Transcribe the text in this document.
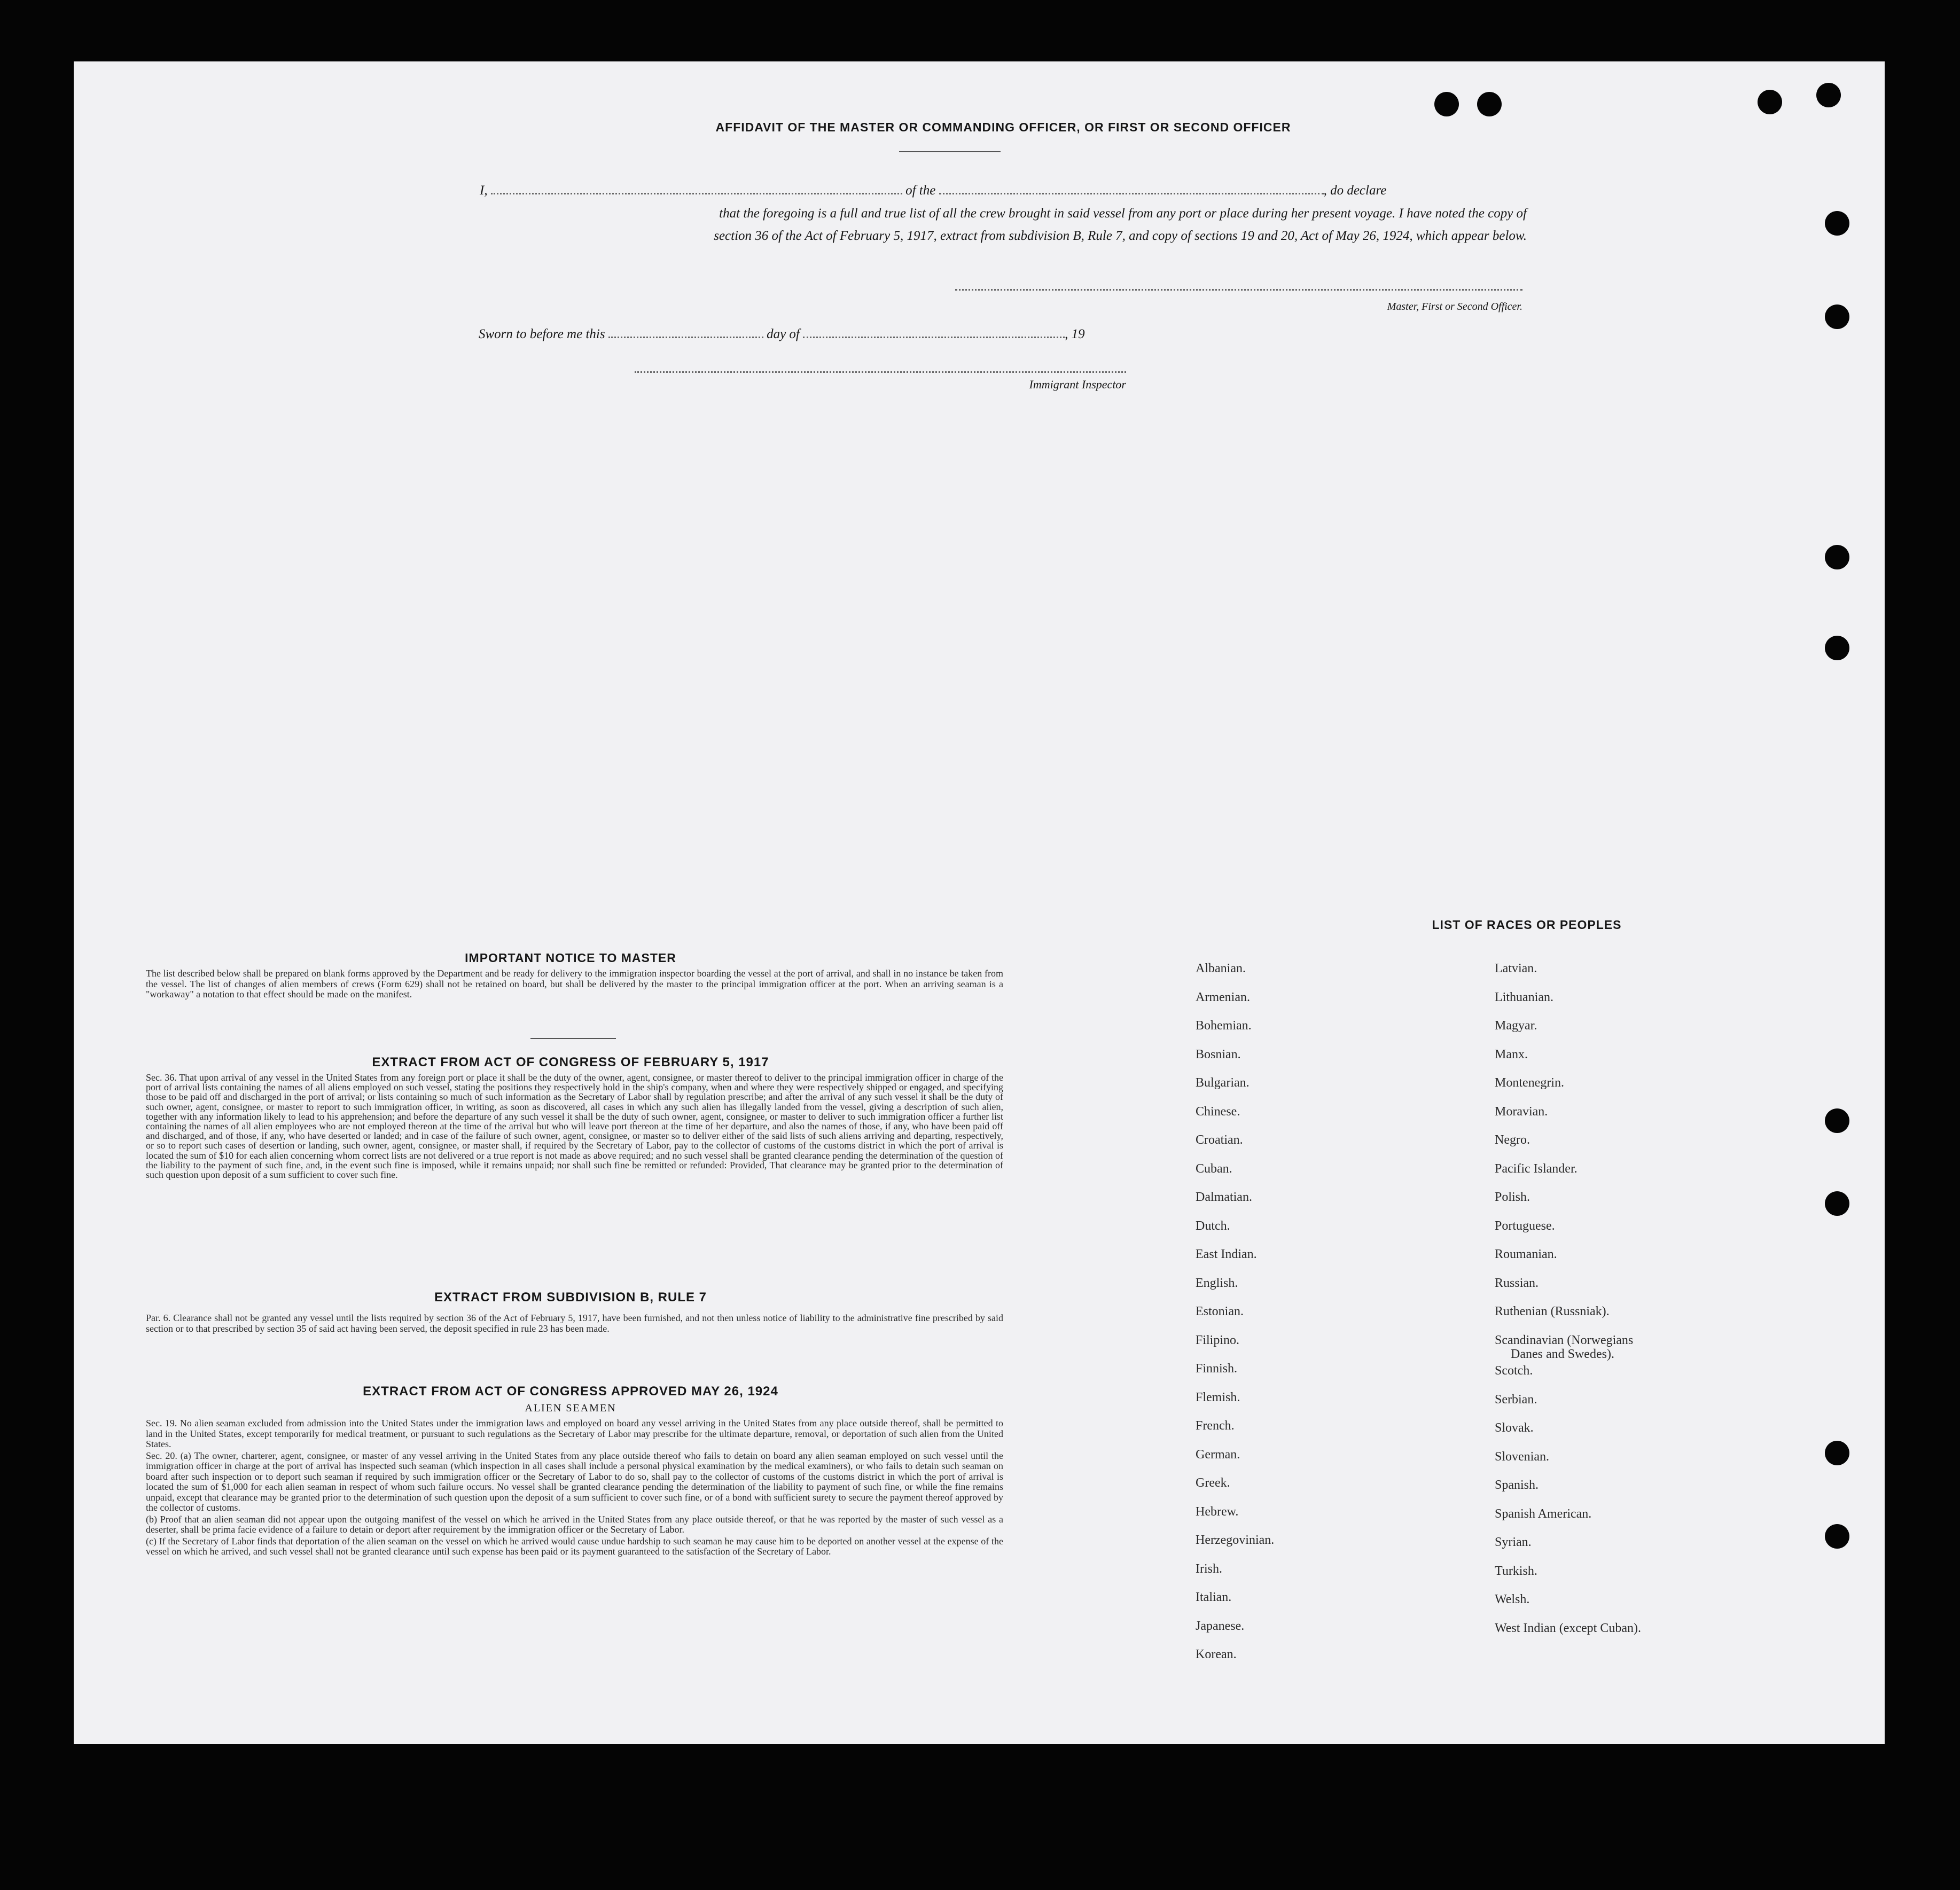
AFFIDAVIT OF THE MASTER OR COMMANDING OFFICER, OR FIRST OR SECOND OFFICER
I,	of the	, do declare
that the foregoing is a full and true list of all the crew brought in said vessel from any port or place during her present voyage. I have noted the copy of
section 36 of the Act of February 5, 1917, extract from subdivision B, Rule 7, and copy of sections 19 and 20, Act of May 26, 1924, which appear below.
Master, First or Second Officer.
Sworn to before me this	day of	, 19
Immigrant Inspector
IMPORTANT NOTICE TO MASTER

The list described below shall be prepared on blank forms approved by the Department and be ready for delivery to the immigration inspector boarding the vessel at the port of arrival, and shall in no instance be taken from the vessel. The list of changes of alien members of crews (Form 629) shall not be retained on board, but shall be delivered by the master to the principal immigration officer at the port. When an arriving seaman is a "workaway" a notation to that effect should be made on the manifest.

EXTRACT FROM ACT OF CONGRESS OF FEBRUARY 5, 1917

Sec. 36. That upon arrival of any vessel in the United States from any foreign port or place it shall be the duty of the owner, agent, consignee, or master thereof to deliver to the principal immigration officer in charge of the port of arrival lists containing the names of all aliens employed on such vessel, stating the positions they respectively hold in the ship's company, when and where they were respectively shipped or engaged, and specifying those to be paid off and discharged in the port of arrival; or lists containing so much of such information as the Secretary of Labor shall by regulation prescribe; and after the arrival of any such vessel it shall be the duty of such owner, agent, consignee, or master to report to such immigration officer, in writing, as soon as discovered, all cases in which any such alien has illegally landed from the vessel, giving a description of such alien, together with any information likely to lead to his apprehension; and before the departure of any such vessel it shall be the duty of such owner, agent, consignee, or master to deliver to such immigration officer a further list containing the names of all alien employees who are not employed thereon at the time of the arrival but who will leave port thereon at the time of her departure, and also the names of those, if any, who have been paid off and discharged, and of those, if any, who have deserted or landed; and in case of the failure of such owner, agent, consignee, or master so to deliver either of the said lists of such aliens arriving and departing, respectively, or so to report such cases of desertion or landing, such owner, agent, consignee, or master shall, if required by the Secretary of Labor, pay to the collector of customs of the customs district in which the port of arrival is located the sum of $10 for each alien concerning whom correct lists are not delivered or a true report is not made as above required; and no such vessel shall be granted clearance pending the determination of the question of the liability to the payment of such fine, and, in the event such fine is imposed, while it remains unpaid; nor shall such fine be remitted or refunded: Provided, That clearance may be granted prior to the determination of such question upon deposit of a sum sufficient to cover such fine.

EXTRACT FROM SUBDIVISION B, RULE 7

Par. 6. Clearance shall not be granted any vessel until the lists required by section 36 of the Act of February 5, 1917, have been furnished, and not then unless notice of liability to the administrative fine prescribed by said section or to that prescribed by section 35 of said act having been served, the deposit specified in rule 23 has been made.

EXTRACT FROM ACT OF CONGRESS APPROVED MAY 26, 1924
ALIEN SEAMEN

Sec. 19. No alien seaman excluded from admission into the United States under the immigration laws and employed on board any vessel arriving in the United States from any place outside thereof, shall be permitted to land in the United States, except temporarily for medical treatment, or pursuant to such regulations as the Secretary of Labor may prescribe for the ultimate departure, removal, or deportation of such alien from the United States.

Sec. 20. (a) The owner, charterer, agent, consignee, or master of any vessel arriving in the United States from any place outside thereof who fails to detain on board any alien seaman employed on such vessel until the immigration officer in charge at the port of arrival has inspected such seaman (which inspection in all cases shall include a personal physical examination by the medical examiners), or who fails to detain such seaman on board after such inspection or to deport such seaman if required by such immigration officer or the Secretary of Labor to do so, shall pay to the collector of customs of the customs district in which the port of arrival is located the sum of $1,000 for each alien seaman in respect of whom such failure occurs. No vessel shall be granted clearance pending the determination of the liability to payment of such fine, or while the fine remains unpaid, except that clearance may be granted prior to the determination of such question upon the deposit of a sum sufficient to cover such fine, or of a bond with sufficient surety to secure the payment thereof approved by the collector of customs.

(b) Proof that an alien seaman did not appear upon the outgoing manifest of the vessel on which he arrived in the United States from any place outside thereof, or that he was reported by the master of such vessel as a deserter, shall be prima facie evidence of a failure to detain or deport after requirement by the immigration officer or the Secretary of Labor.

(c) If the Secretary of Labor finds that deportation of the alien seaman on the vessel on which he arrived would cause undue hardship to such seaman he may cause him to be deported on another vessel at the expense of the vessel on which he arrived, and such vessel shall not be granted clearance until such expense has been paid or its payment guaranteed to the satisfaction of the Secretary of Labor.

LIST OF RACES OR PEOPLES
Albanian.
Armenian.
Bohemian.
Bosnian.
Bulgarian.
Chinese.
Croatian.
Cuban.
Dalmatian.
Dutch.
East Indian.
English.
Estonian.
Filipino.
Finnish.
Flemish.
French.
German.
Greek.
Hebrew.
Herzegovinian.
Irish.
Italian.
Japanese.
Korean.
Latvian.
Lithuanian.
Magyar.
Manx.
Montenegrin.
Moravian.
Negro.
Pacific Islander.
Polish.
Portuguese.
Roumanian.
Russian.
Ruthenian (Russniak).
Scandinavian (Norwegians
Danes and Swedes).
Scotch.
Serbian.
Slovak.
Slovenian.
Spanish.
Spanish American.
Syrian.
Turkish.
Welsh.
West Indian (except Cuban).
